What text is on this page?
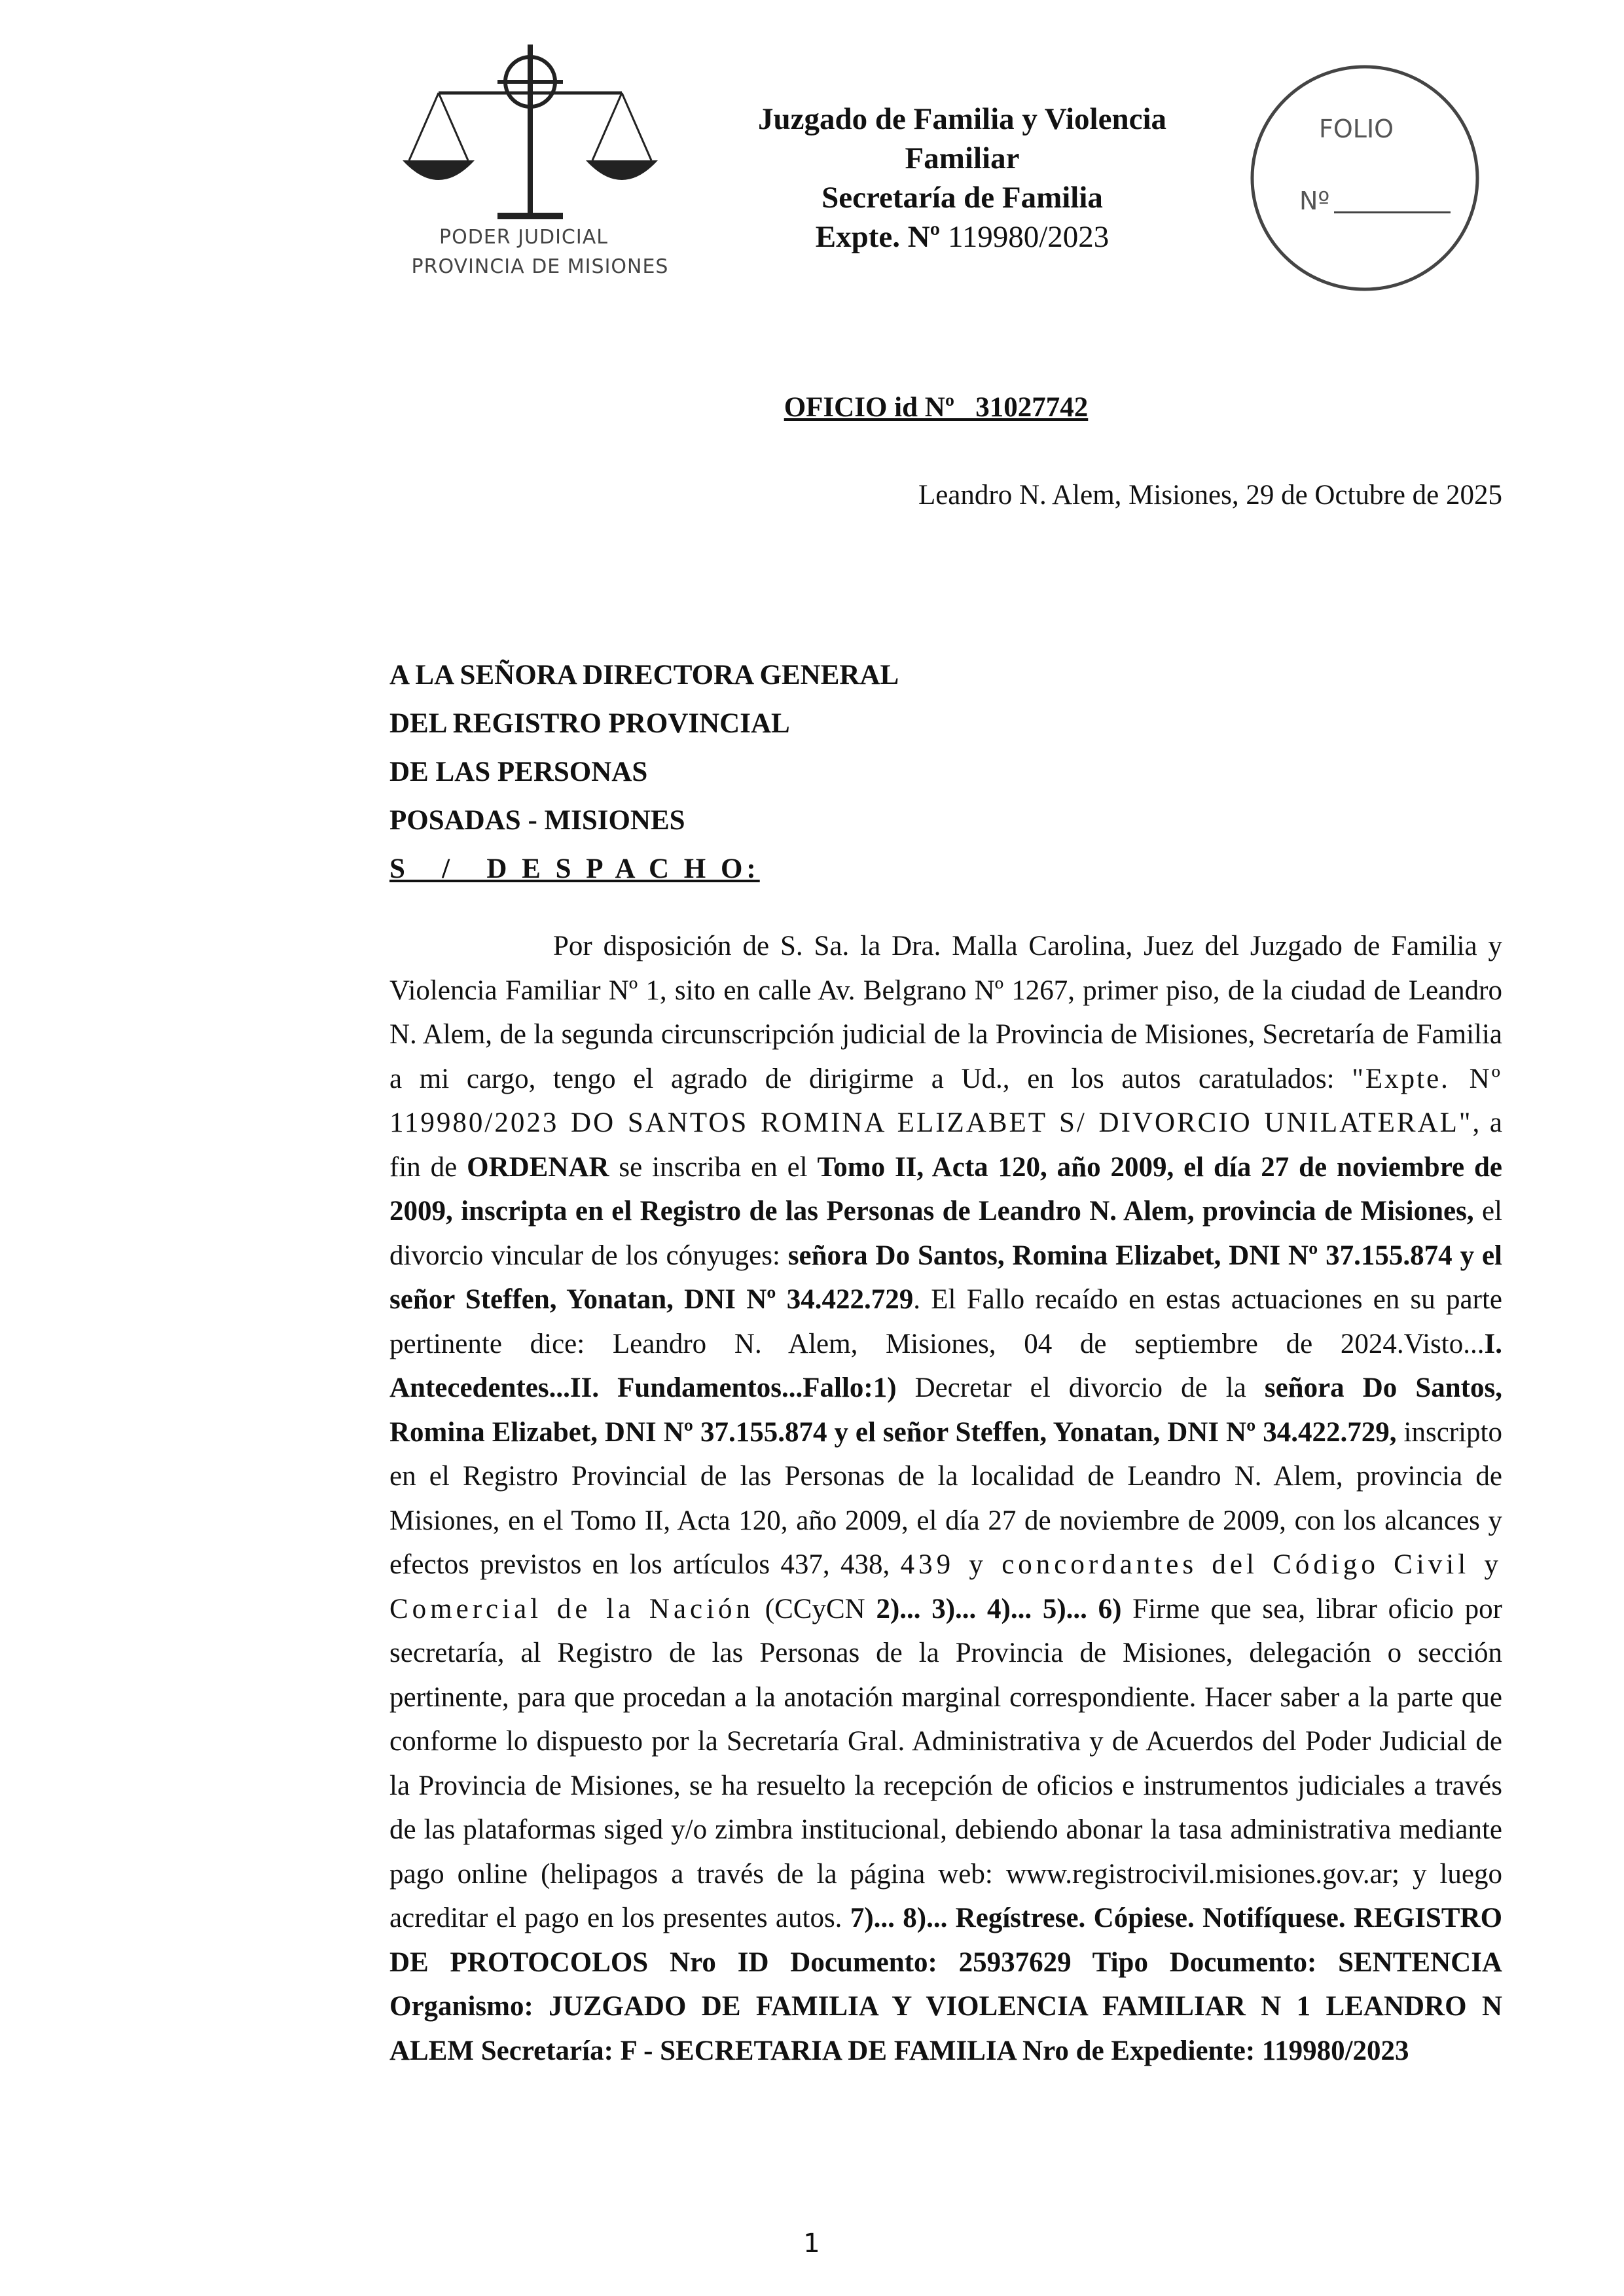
PODER JUDICIAL
PROVINCIA DE MISIONES
Juzgado de Familia y Violencia
Familiar
Secretaría de Familia
Expte. Nº 119980/2023
FOLIO
Nº
OFICIO id Nº   31027742
Leandro N. Alem, Misiones, 29 de Octubre de 2025
A LA SEÑORA DIRECTORA GENERAL
DEL REGISTRO PROVINCIAL
DE LAS PERSONAS
POSADAS - MISIONES
S   /   D E S P A C H O:

Por disposición de S. Sa. la Dra. Malla Carolina, Juez del Juzgado de Familia y Violencia Familiar Nº 1, sito en calle Av. Belgrano Nº 1267, primer piso, de la ciudad de Leandro N. Alem, de la segunda circunscripción judicial de la Provincia de Misiones, Secretaría de Familia a mi cargo, tengo el agrado de dirigirme a Ud., en los autos caratulados: "Expte. Nº 119980/2023 DO SANTOS ROMINA ELIZABET S/ DIVORCIO UNILATERAL", a fin de ORDENAR se inscriba en el Tomo II, Acta 120, año 2009, el día 27 de noviembre de 2009, inscripta en el Registro de las Personas de Leandro N. Alem, provincia de Misiones, el divorcio vincular de los cónyuges: señora Do Santos, Romina Elizabet, DNI Nº 37.155.874 y el señor Steffen, Yonatan, DNI Nº 34.422.729. El Fallo recaído en estas actuaciones en su parte pertinente dice: Leandro N. Alem, Misiones, 04 de septiembre de 2024.Visto...I. Antecedentes...II. Fundamentos...Fallo:1) Decretar el divorcio de la señora Do Santos, Romina Elizabet, DNI Nº 37.155.874 y el señor Steffen, Yonatan, DNI Nº 34.422.729, inscripto en el Registro Provincial de las Personas de la localidad de Leandro N. Alem, provincia de Misiones, en el Tomo II, Acta 120, año 2009, el día 27 de noviembre de 2009, con los alcances y efectos previstos en los artículos 437, 438, 439 y concordantes del Código Civil y Comercial de la Nación (CCyCN 2)... 3)... 4)... 5)... 6) Firme que sea, librar oficio por secretaría, al Registro de las Personas de la Provincia de Misiones, delegación o sección pertinente, para que procedan a la anotación marginal correspondiente. Hacer saber a la parte que conforme lo dispuesto por la Secretaría Gral. Administrativa y de Acuerdos del Poder Judicial de la Provincia de Misiones, se ha resuelto la recepción de oficios e instrumentos judiciales a través de las plataformas siged y/o zimbra institucional, debiendo abonar la tasa administrativa mediante pago online (helipagos a través de la página web: www.registrocivil.misiones.gov.ar; y luego acreditar el pago en los presentes autos. 7)... 8)... Regístrese. Cópiese. Notifíquese. REGISTRO DE PROTOCOLOS Nro ID Documento: 25937629 Tipo Documento: SENTENCIA Organismo: JUZGADO DE FAMILIA Y VIOLENCIA FAMILIAR N 1 LEANDRO N ALEM Secretaría: F - SECRETARIA DE FAMILIA Nro de Expediente: 119980/2023

1
